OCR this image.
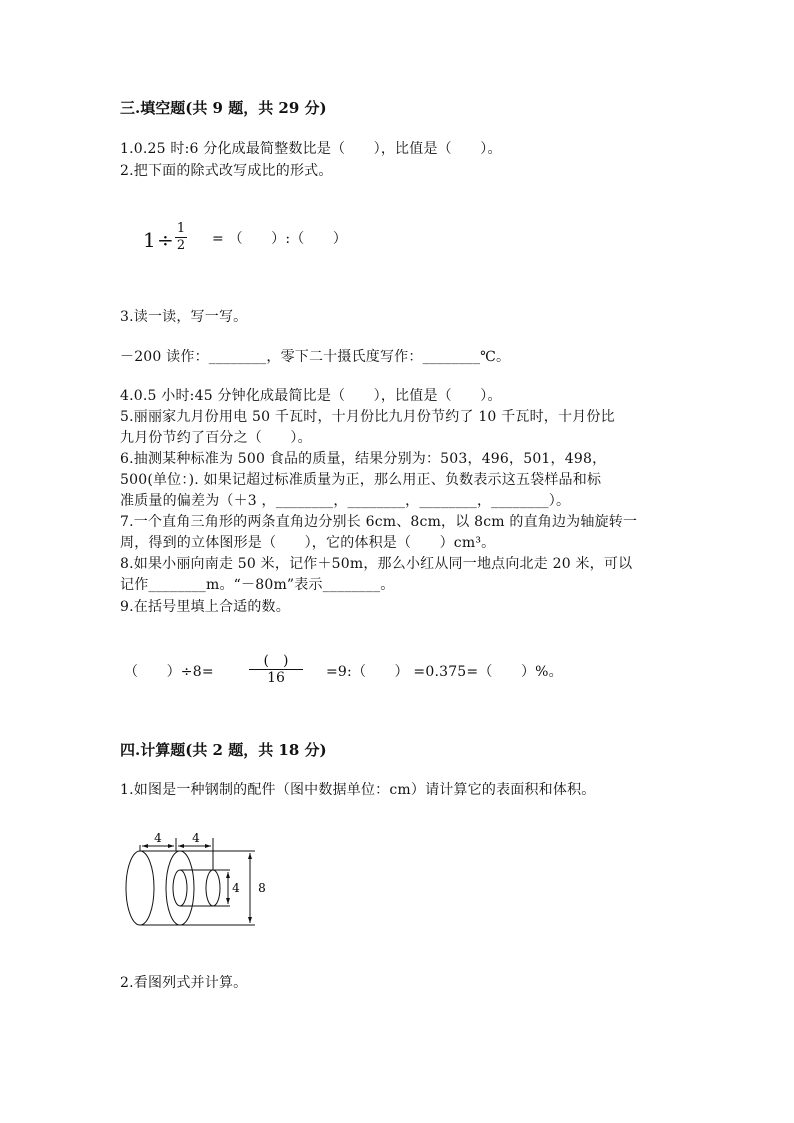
三.填空题(共 9 题，共 29 分)
1.0.25 时:6 分化成最简整数比是（　　），比值是（　　）。
2.把下面的除式改写成比的形式。
1 ÷ 1
2 = （　　）:（　　）
3.读一读，写一写。
－200 读作：________，零下二十摄氏度写作：________℃。
4.0.5 小时:45 分钟化成最简比是（　　），比值是（　　）。
5.丽丽家九月份用电 50 千瓦时，十月份比九月份节约了 10 千瓦时，十月份比
九月份节约了百分之（　　）。
6.抽测某种标准为 500 食品的质量，结果分别为：503，496，501，498，
500(单位：). 如果记超过标准质量为正，那么用正、负数表示这五袋样品和标
准质量的偏差为（＋3 ，________，________，________，________）。
7.一个直角三角形的两条直角边分别长 6cm、8cm，以 8cm 的直角边为轴旋转一
周，得到的立体图形是（　　），它的体积是（　　）cm³。
8.如果小丽向南走 50 米，记作＋50m，那么小红从同一地点向北走 20 米，可以
记作________m。“－80m”表示________。
9.在括号里填上合适的数。
（　　）÷8=
(　)
16	=9:（　　） =0.375=（　　）%。
四.计算题(共 2 题，共 18 分)
1.如图是一种钢制的配件（图中数据单位：cm）请计算它的表面积和体积。
4	4
4 8
2.看图列式并计算。
